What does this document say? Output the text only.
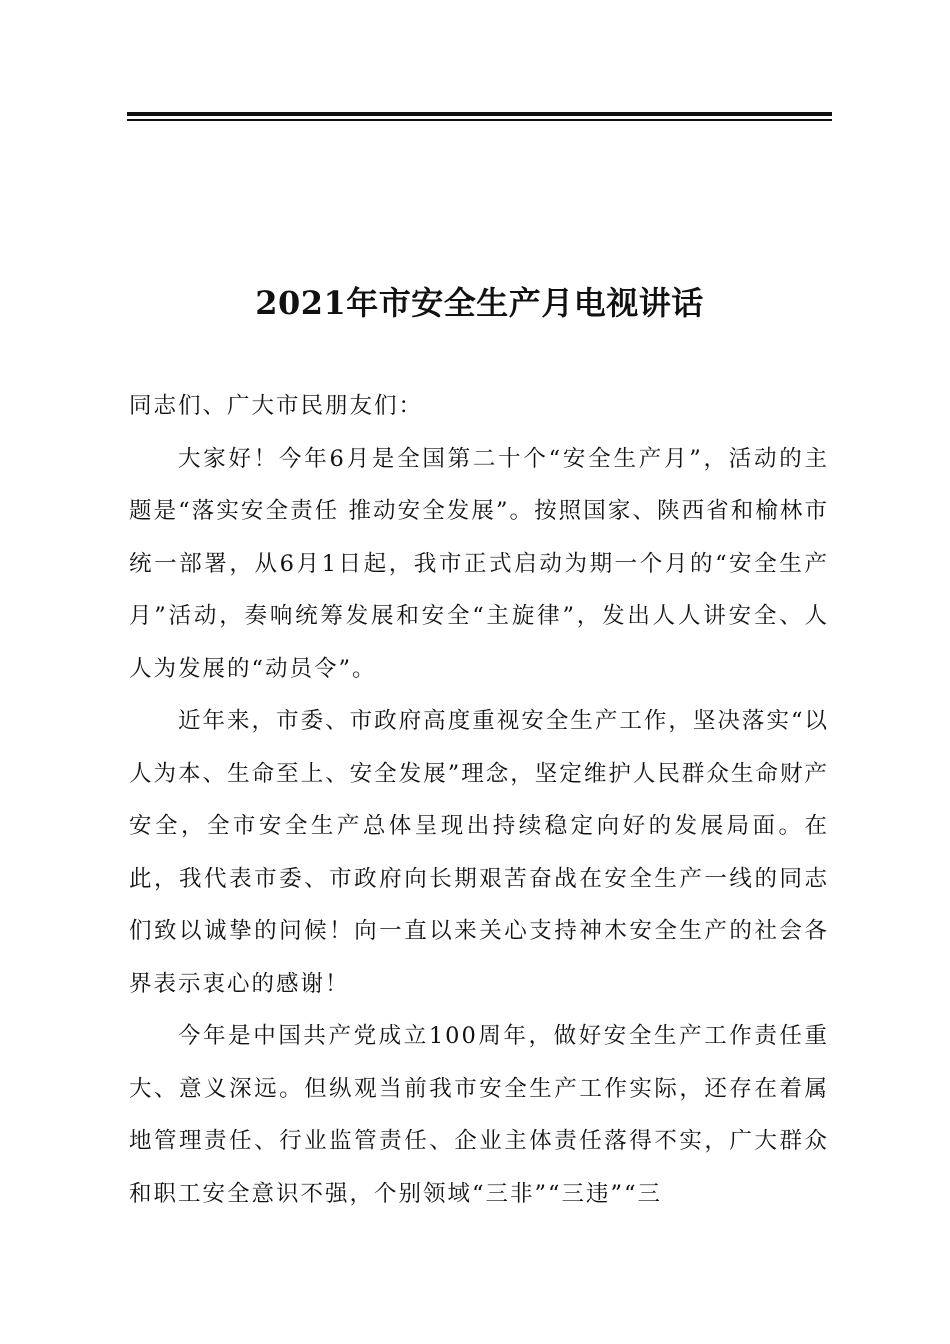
2021年市安全生产月电视讲话

同志们、广大市民朋友们：

大家好！今年6月是全国第二十个“安全生产月”，活动的主题是“落实安全责任 推动安全发展”。按照国家、陕西省和榆林市统一部署，从6月1日起，我市正式启动为期一个月的“安全生产月”活动，奏响统筹发展和安全“主旋律”，发出人人讲安全、人人为发展的“动员令”。

近年来，市委、市政府高度重视安全生产工作，坚决落实“以人为本、生命至上、安全发展”理念，坚定维护人民群众生命财产安全，全市安全生产总体呈现出持续稳定向好的发展局面。在此，我代表市委、市政府向长期艰苦奋战在安全生产一线的同志们致以诚挚的问候！向一直以来关心支持神木安全生产的社会各界表示衷心的感谢！

今年是中国共产党成立100周年，做好安全生产工作责任重大、意义深远。但纵观当前我市安全生产工作实际，还存在着属地管理责任、行业监管责任、企业主体责任落得不实，广大群众和职工安全意识不强，个别领域“三非”“三违”“三
